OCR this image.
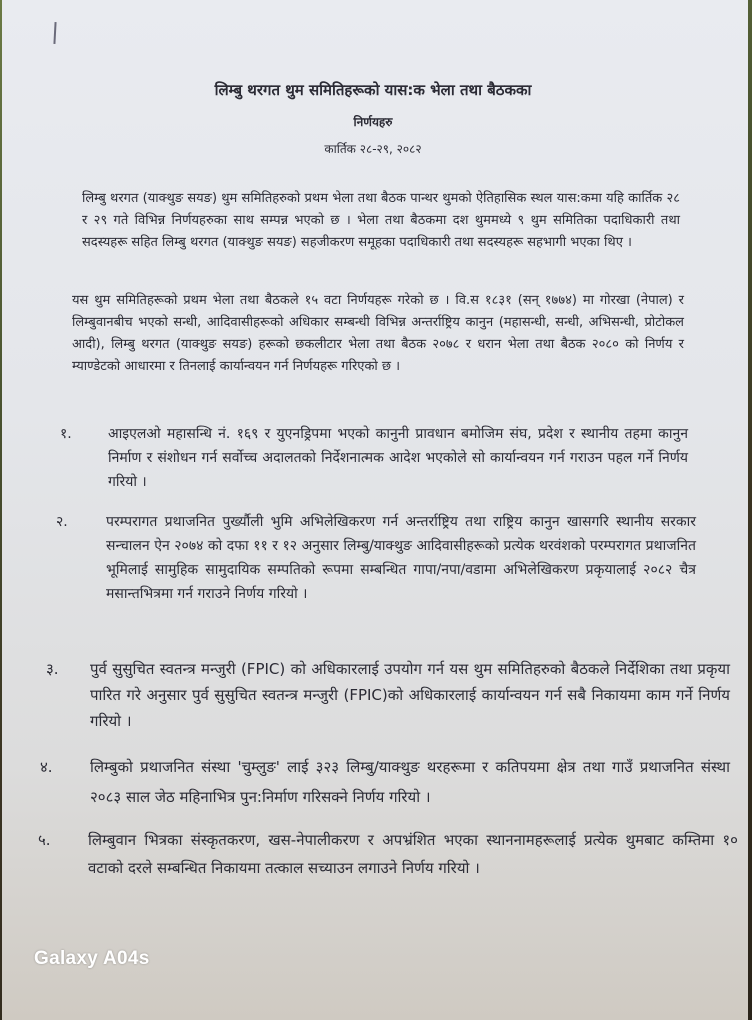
लिम्बु थरगत थुम समितिहरूको यास:क भेला तथा बैठकका
निर्णयहरु
कार्तिक २८-२९, २०८२
लिम्बु थरगत (याक्थुङ सयङ) थुम समितिहरुको प्रथम भेला तथा बैठक पान्थर थुमको ऐतिहासिक स्थल यास:कमा यहि कार्तिक २८ र २९ गते विभिन्न निर्णयहरुका साथ सम्पन्न भएको छ । भेला तथा बैठकमा दश थुममध्ये ९ थुम समितिका पदाधिकारी तथा सदस्यहरू सहित लिम्बु थरगत (याक्थुङ सयङ) सहजीकरण समूहका पदाधिकारी तथा सदस्यहरू सहभागी भएका थिए ।
यस थुम समितिहरूको प्रथम भेला तथा बैठकले १५ वटा निर्णयहरू गरेको छ । वि.स १८३१ (सन् १७७४) मा गोरखा (नेपाल) र लिम्बुवानबीच भएको सन्धी, आदिवासीहरूको अधिकार सम्बन्धी विभिन्न अन्तर्राष्ट्रिय कानुन (महासन्धी, सन्धी, अभिसन्धी, प्रोटोकल आदी), लिम्बु थरगत (याक्थुङ सयङ) हरूको छकलीटार भेला तथा बैठक २०७८ र धरान भेला तथा बैठक २०८० को निर्णय र म्याण्डेटको आधारमा र तिनलाई कार्यान्वयन गर्न निर्णयहरू गरिएको छ ।
१.	आइएलओ महासन्धि नं. १६९ र युएनड्रिपमा भएको कानुनी प्रावधान बमोजिम संघ, प्रदेश र स्थानीय तहमा कानुन निर्माण र संशोधन गर्न सर्वोच्च अदालतको निर्देशनात्मक आदेश भएकोले सो कार्यान्वयन गर्न गराउन पहल गर्ने निर्णय गरियो ।
२.	परम्परागत प्रथाजनित पुर्ख्यौली भुमि अभिलेखिकरण गर्न अन्तर्राष्ट्रिय तथा राष्ट्रिय कानुन खासगरि स्थानीय सरकार सन्चालन ऐन २०७४ को दफा ११ र १२ अनुसार लिम्बु/याक्थुङ आदिवासीहरूको प्रत्येक थरवंशको परम्परागत प्रथाजनित भूमिलाई सामुहिक सामुदायिक सम्पतिको रूपमा सम्बन्धित गापा/नपा/वडामा अभिलेखिकरण प्रकृयालाई २०८२ चैत्र मसान्तभित्रमा गर्न गराउने निर्णय गरियो ।
३. पुर्व सुसुचित स्वतन्त्र मन्जुरी (FPIC) को अधिकारलाई उपयोग गर्न यस थुम समितिहरुको बैठकले निर्देशिका तथा प्रकृया पारित गरे अनुसार पुर्व सुसुचित स्वतन्त्र मन्जुरी (FPIC)को अधिकारलाई कार्यान्वयन गर्न सबै निकायमा काम गर्ने निर्णय गरियो ।
४. लिम्बुको प्रथाजनित संस्था 'चुम्लुङ' लाई ३२३ लिम्बु/याक्थुङ थरहरूमा र कतिपयमा क्षेत्र तथा गाउँ प्रथाजनित संस्था २०८३ साल जेठ महिनाभित्र पुन:निर्माण गरिसक्ने निर्णय गरियो ।
५. लिम्बुवान भित्रका संस्कृतकरण, खस-नेपालीकरण र अपभ्रंशित भएका स्थाननामहरूलाई प्रत्येक थुमबाट कम्तिमा १० वटाको दरले सम्बन्धित निकायमा तत्काल सच्याउन लगाउने निर्णय गरियो ।
Galaxy A04s
